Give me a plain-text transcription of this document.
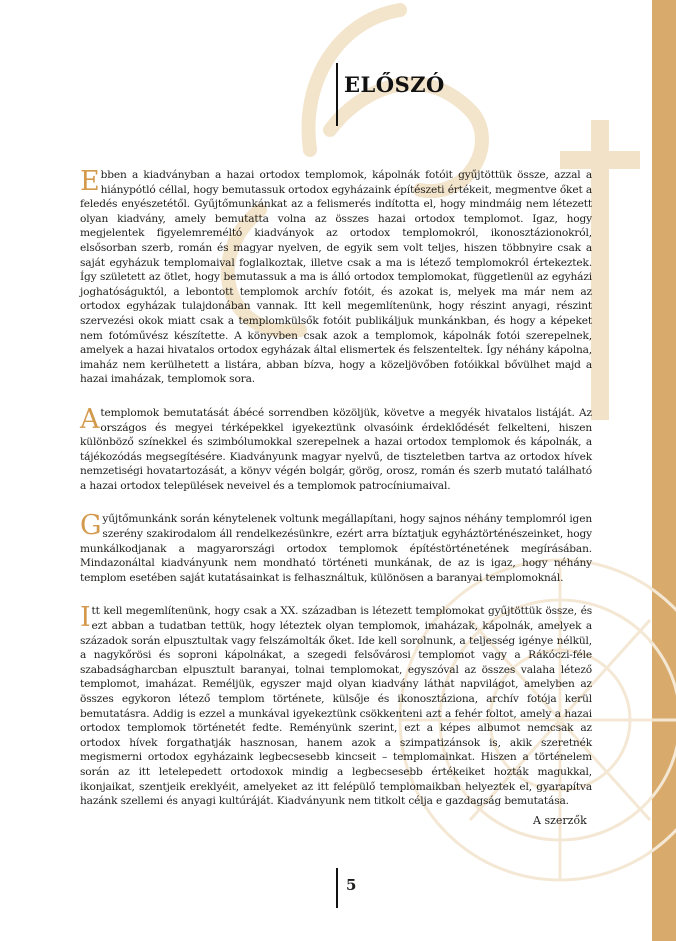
ELŐSZÓ

Ebben a kiadványban a hazai ortodox templomok, kápolnák fotóit gyűjtöttük össze, azzal a hiánypótló céllal, hogy bemutassuk ortodox egyházaink építészeti értékeit, megmentve őket a feledés enyészetétől. Gyűjtőmunkánkat az a felismerés indította el, hogy mindmáig nem létezett olyan kiadvány, amely bemutatta volna az összes hazai ortodox templomot. Igaz, hogy megjelentek figyelemreméltó kiadványok az ortodox templomokról, ikonosztázionokról, elsősorban szerb, román és magyar nyelven, de egyik sem volt teljes, hiszen többnyire csak a saját egyházuk templomaival foglalkoztak, illetve csak a ma is létező templomokról értekeztek. Így született az ötlet, hogy bemutassuk a ma is álló ortodox templomokat, függetlenül az egyházi joghatóságuktól, a lebontott templomok archív fotóit, és azokat is, melyek ma már nem az ortodox egyházak tulajdonában vannak. Itt kell megemlítenünk, hogy részint anyagi, részint szervezési okok miatt csak a templomkülsők fotóit publikáljuk munkánkban, és hogy a képeket nem fotóművész készítette. A könyvben csak azok a templomok, kápolnák fotói szerepelnek, amelyek a hazai hivatalos ortodox egyházak által elismertek és felszenteltek. Így néhány kápolna, imaház nem kerülhetett a listára, abban bízva, hogy a közeljövőben fotóikkal bővülhet majd a hazai imaházak, templomok sora.

A templomok bemutatását ábécé sorrendben közöljük, követve a megyék hivatalos listáját. Az országos és megyei térképekkel igyekeztünk olvasóink érdeklődését felkelteni, hiszen különböző színekkel és szimbólumokkal szerepelnek a hazai ortodox templomok és kápolnák, a tájékozódás megsegítésére. Kiadványunk magyar nyelvű, de tiszteletben tartva az ortodox hívek nemzetiségi hovatartozását, a könyv végén bolgár, görög, orosz, román és szerb mutató található a hazai ortodox települések neveivel és a templomok patrocíniumaival.

Gyűjtőmunkánk során kénytelenek voltunk megállapítani, hogy sajnos néhány templomról igen szerény szakirodalom áll rendelkezésünkre, ezért arra bíztatjuk egyháztörténészeinket, hogy munkálkodjanak a magyarországi ortodox templomok építéstörténetének megírásában. Mindazonáltal kiadványunk nem mondható történeti munkának, de az is igaz, hogy néhány templom esetében saját kutatásainkat is felhasználtuk, különösen a baranyai templomoknál.

Itt kell megemlítenünk, hogy csak a XX. században is létezett templomokat gyűjtöttük össze, és ezt abban a tudatban tettük, hogy léteztek olyan templomok, imaházak, kápolnák, amelyek a századok során elpusztultak vagy felszámolták őket. Ide kell sorolnunk, a teljesség igénye nélkül, a nagykőrösi és soproni kápolnákat, a szegedi felsővárosi templomot vagy a Rákóczi-féle szabadságharcban elpusztult baranyai, tolnai templomokat, egyszóval az összes valaha létező templomot, imaházat. Reméljük, egyszer majd olyan kiadvány láthat napvilágot, amelyben az összes egykoron létező templom története, külsője és ikonosztáziona, archív fotója kerül bemutatásra. Addig is ezzel a munkával igyekeztünk csökkenteni azt a fehér foltot, amely a hazai ortodox templomok történetét fedte. Reményünk szerint, ezt a képes albumot nemcsak az ortodox hívek forgathatják hasznosan, hanem azok a szimpatizánsok is, akik szeretnék megismerni ortodox egyházaink legbecsesebb kincseit – templomainkat. Hiszen a történelem során az itt letelepedett ortodoxok mindig a legbecsesebb értékeiket hozták magukkal, ikonjaikat, szentjeik ereklyéit, amelyeket az itt felépülő templomaikban helyeztek el, gyarapítva hazánk szellemi és anyagi kultúráját. Kiadványunk nem titkolt célja e gazdagság bemutatása.

A szerzők
5
